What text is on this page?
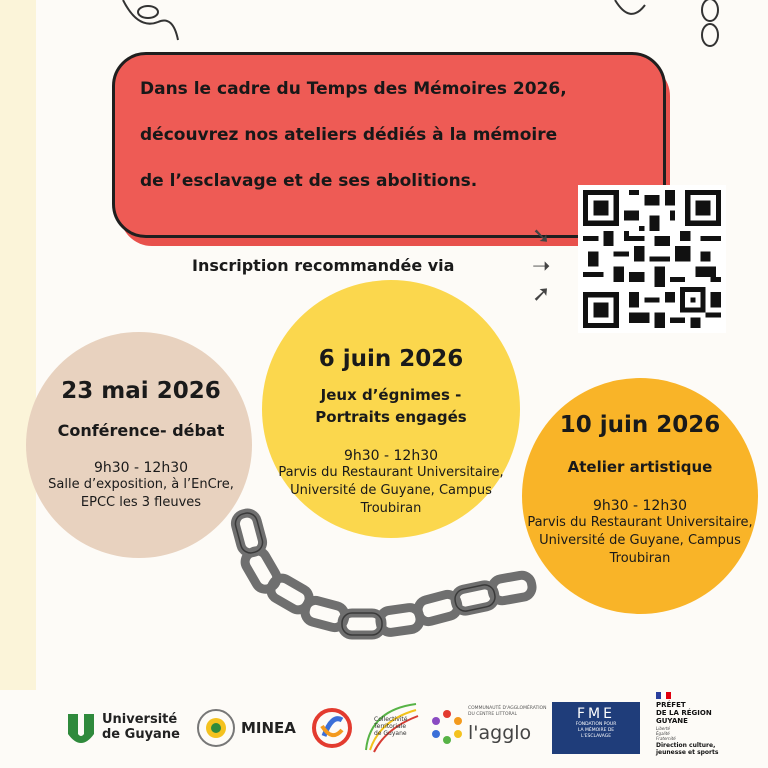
Dans le cadre du Temps des Mémoires 2026,
découvrez nos ateliers dédiés à la mémoire
de l’esclavage et de ses abolitions.
Inscription recommandée via
➘
➝
➚
23 mai 2026
Conférence- débat
9h30 - 12h30
Salle d’exposition, à l’EnCre,
EPCC les 3 fleuves
6 juin 2026
Jeux d’égnimes -
Portraits engagés
9h30 - 12h30
Parvis du Restaurant Universitaire,
Université de Guyane, Campus
Troubiran
10 juin 2026
Atelier artistique
9h30 - 12h30
Parvis du Restaurant Universitaire,
Université de Guyane, Campus
Troubiran
Université
de Guyane	MINEA	Collectivité
Territoriale
de Guyane
COMMUNAUTÉ D'AGGLOMÉRATION
DU CENTRE LITTORAL
l'agglo
FME
FONDATION POUR
LA MÉMOIRE DE
L'ESCLAVAGE
PRÉFET
DE LA RÉGION
GUYANE
Liberté
Égalité
Fraternité
Direction culture,
jeunesse et sports
